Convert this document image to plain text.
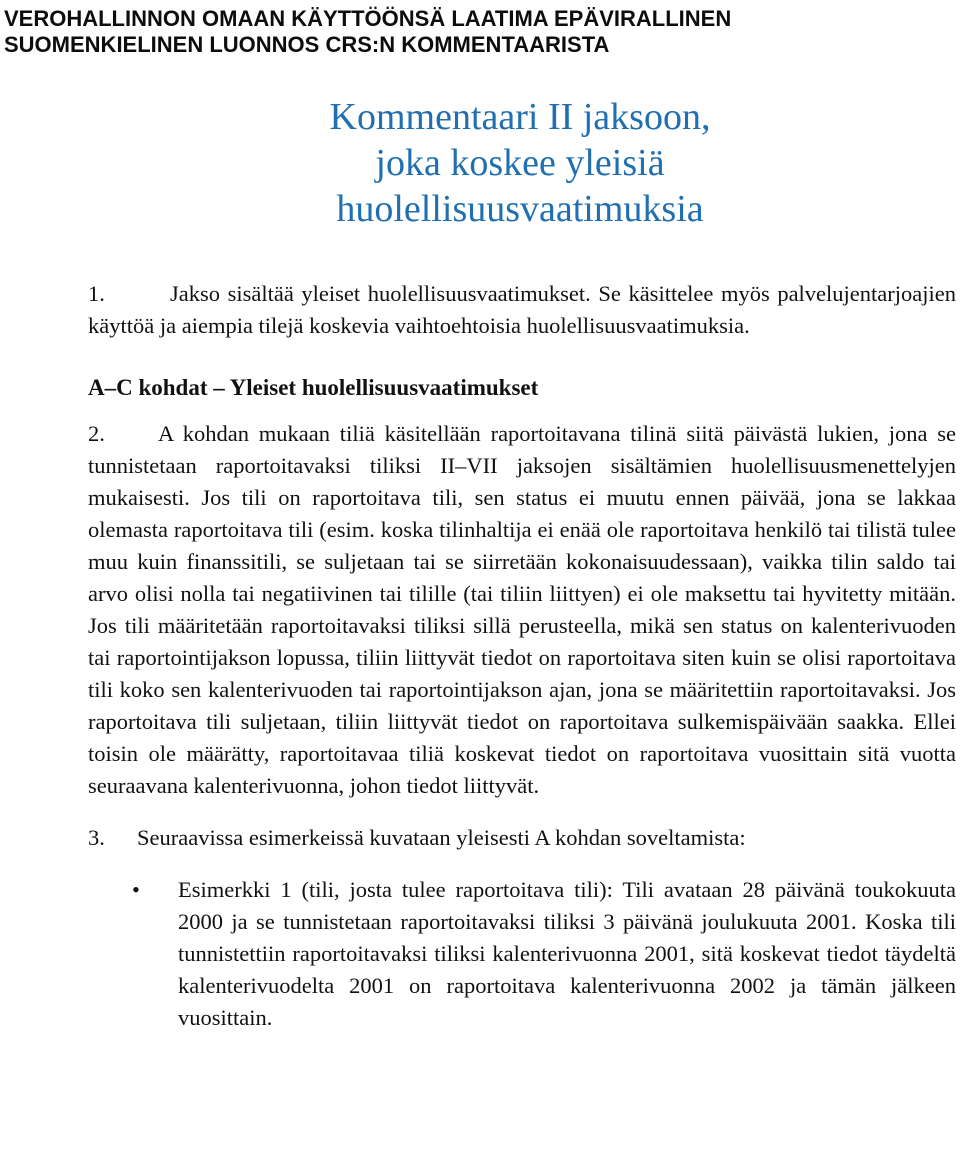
VEROHALLINNON OMAAN KÄYTTÖÖNSÄ LAATIMA EPÄVIRALLINEN
SUOMENKIELINEN LUONNOS CRS:N KOMMENTAARISTA
Kommentaari II jaksoon,
joka koskee yleisiä
huolellisuusvaatimuksia

1.	Jakso sisältää yleiset huolellisuusvaatimukset. Se käsittelee myös palvelujentarjoajien käyttöä ja aiempia tilejä koskevia vaihtoehtoisia huolellisuusvaatimuksia.

A–C kohdat – Yleiset huolellisuusvaatimukset

2. A kohdan mukaan tiliä käsitellään raportoitavana tilinä siitä päivästä lukien, jona se tunnistetaan raportoitavaksi tiliksi II–VII jaksojen sisältämien huolellisuusmenettelyjen mukaisesti. Jos tili on raportoitava tili, sen status ei muutu ennen päivää, jona se lakkaa olemasta raportoitava tili (esim. koska tilinhaltija ei enää ole raportoitava henkilö tai tilistä tulee muu kuin finanssitili, se suljetaan tai se siirretään kokonaisuudessaan), vaikka tilin saldo tai arvo olisi nolla tai negatiivinen tai tilille (tai tiliin liittyen) ei ole maksettu tai hyvitetty mitään. Jos tili määritetään raportoitavaksi tiliksi sillä perusteella, mikä sen status on kalenterivuoden tai raportointijakson lopussa, tiliin liittyvät tiedot on raportoitava siten kuin se olisi raportoitava tili koko sen kalenterivuoden tai raportointijakson ajan, jona se määritettiin raportoitavaksi. Jos raportoitava tili suljetaan, tiliin liittyvät tiedot on raportoitava sulkemispäivään saakka. Ellei toisin ole määrätty, raportoitavaa tiliä koskevat tiedot on raportoitava vuosittain sitä vuotta seuraavana kalenterivuonna, johon tiedot liittyvät.

3. Seuraavissa esimerkeissä kuvataan yleisesti A kohdan soveltamista:

• Esimerkki 1 (tili, josta tulee raportoitava tili): Tili avataan 28 päivänä toukokuuta 2000 ja se tunnistetaan raportoitavaksi tiliksi 3 päivänä joulukuuta 2001. Koska tili tunnistettiin raportoitavaksi tiliksi kalenterivuonna 2001, sitä koskevat tiedot täydeltä kalenterivuodelta 2001 on raportoitava kalenterivuonna 2002 ja tämän jälkeen vuosittain.
